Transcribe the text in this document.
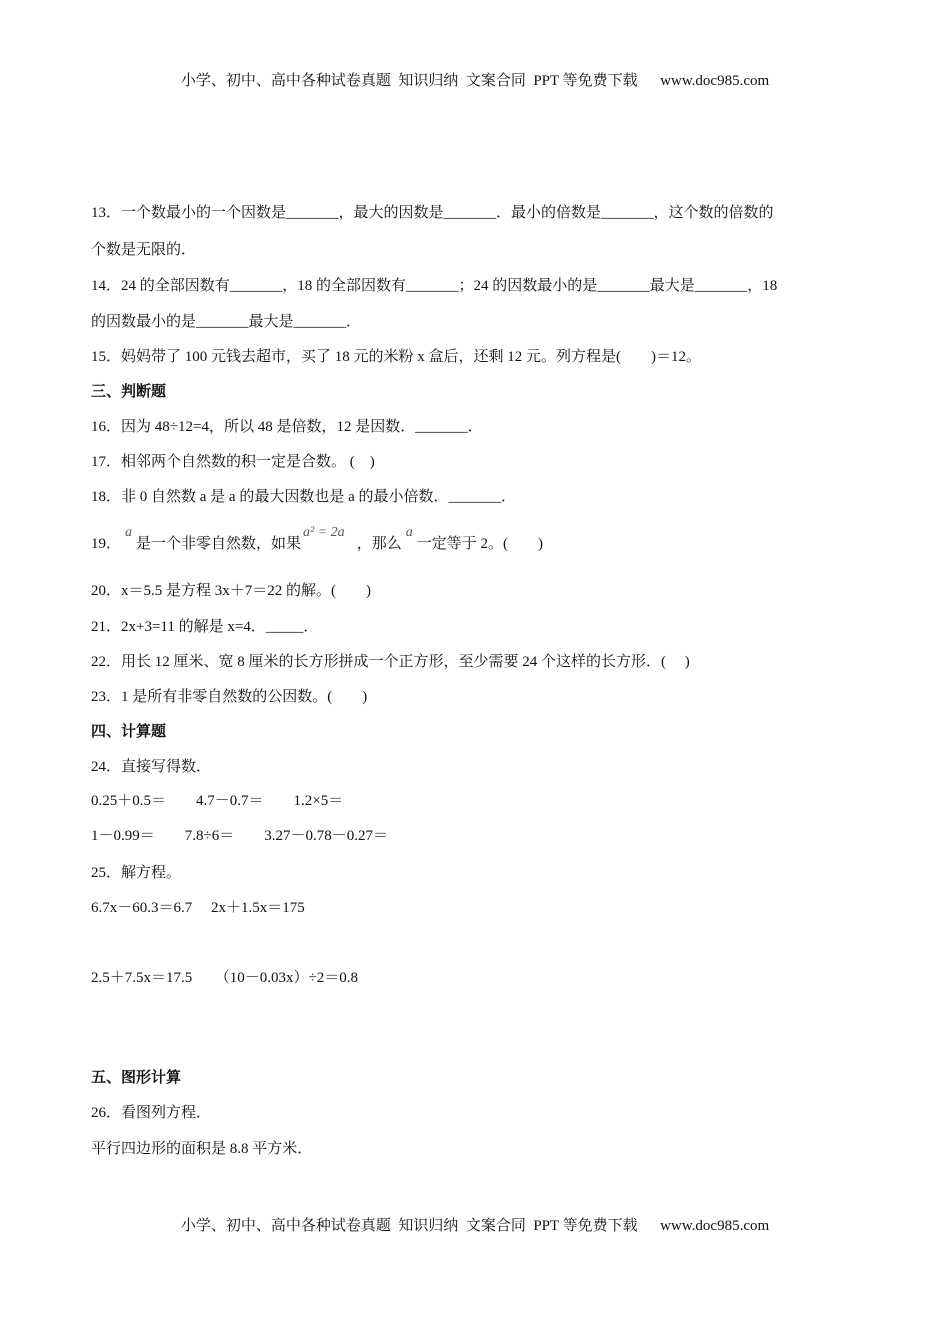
小学、初中、高中各种试卷真题  知识归纳  文案合同  PPT 等免费下载 www.doc985.com
13．一个数最小的一个因数是_______，最大的因数是_______．最小的倍数是_______，这个数的倍数的
个数是无限的．
14．24 的全部因数有_______，18 的全部因数有_______；24 的因数最小的是_______最大是_______，18
的因数最小的是_______最大是_______．
15．妈妈带了 100 元钱去超市，买了 18 元的米粉 x 盒后，还剩 12 元。列方程是(        )＝12。
三、判断题
16．因为 48÷12=4，所以 48 是倍数，12 是因数．_______．
17．相邻两个自然数的积一定是合数。 (    )
18．非 0 自然数 a 是 a 的最大因数也是 a 的最小倍数．_______．
19．a是一个非零自然数，如果a² = 2a，那么a一定等于 2。(        )
20．x＝5.5 是方程 3x＋7＝22 的解。(        )
21．2x+3=11 的解是 x=4．_____．
22．用长 12 厘米、宽 8 厘米的长方形拼成一个正方形，至少需要 24 个这样的长方形．(     )
23．1 是所有非零自然数的公因数。(        )
四、计算题
24．直接写得数．
0.25＋0.5＝        4.7－0.7＝        1.2×5＝
1－0.99＝        7.8÷6＝        3.27－0.78－0.27＝
25．解方程。
6.7x－60.3＝6.7     2x＋1.5x＝175
2.5＋7.5x＝17.5      （10－0.03x）÷2＝0.8
五、图形计算
26．看图列方程．
平行四边形的面积是 8.8 平方米．
小学、初中、高中各种试卷真题  知识归纳  文案合同  PPT 等免费下载 www.doc985.com
